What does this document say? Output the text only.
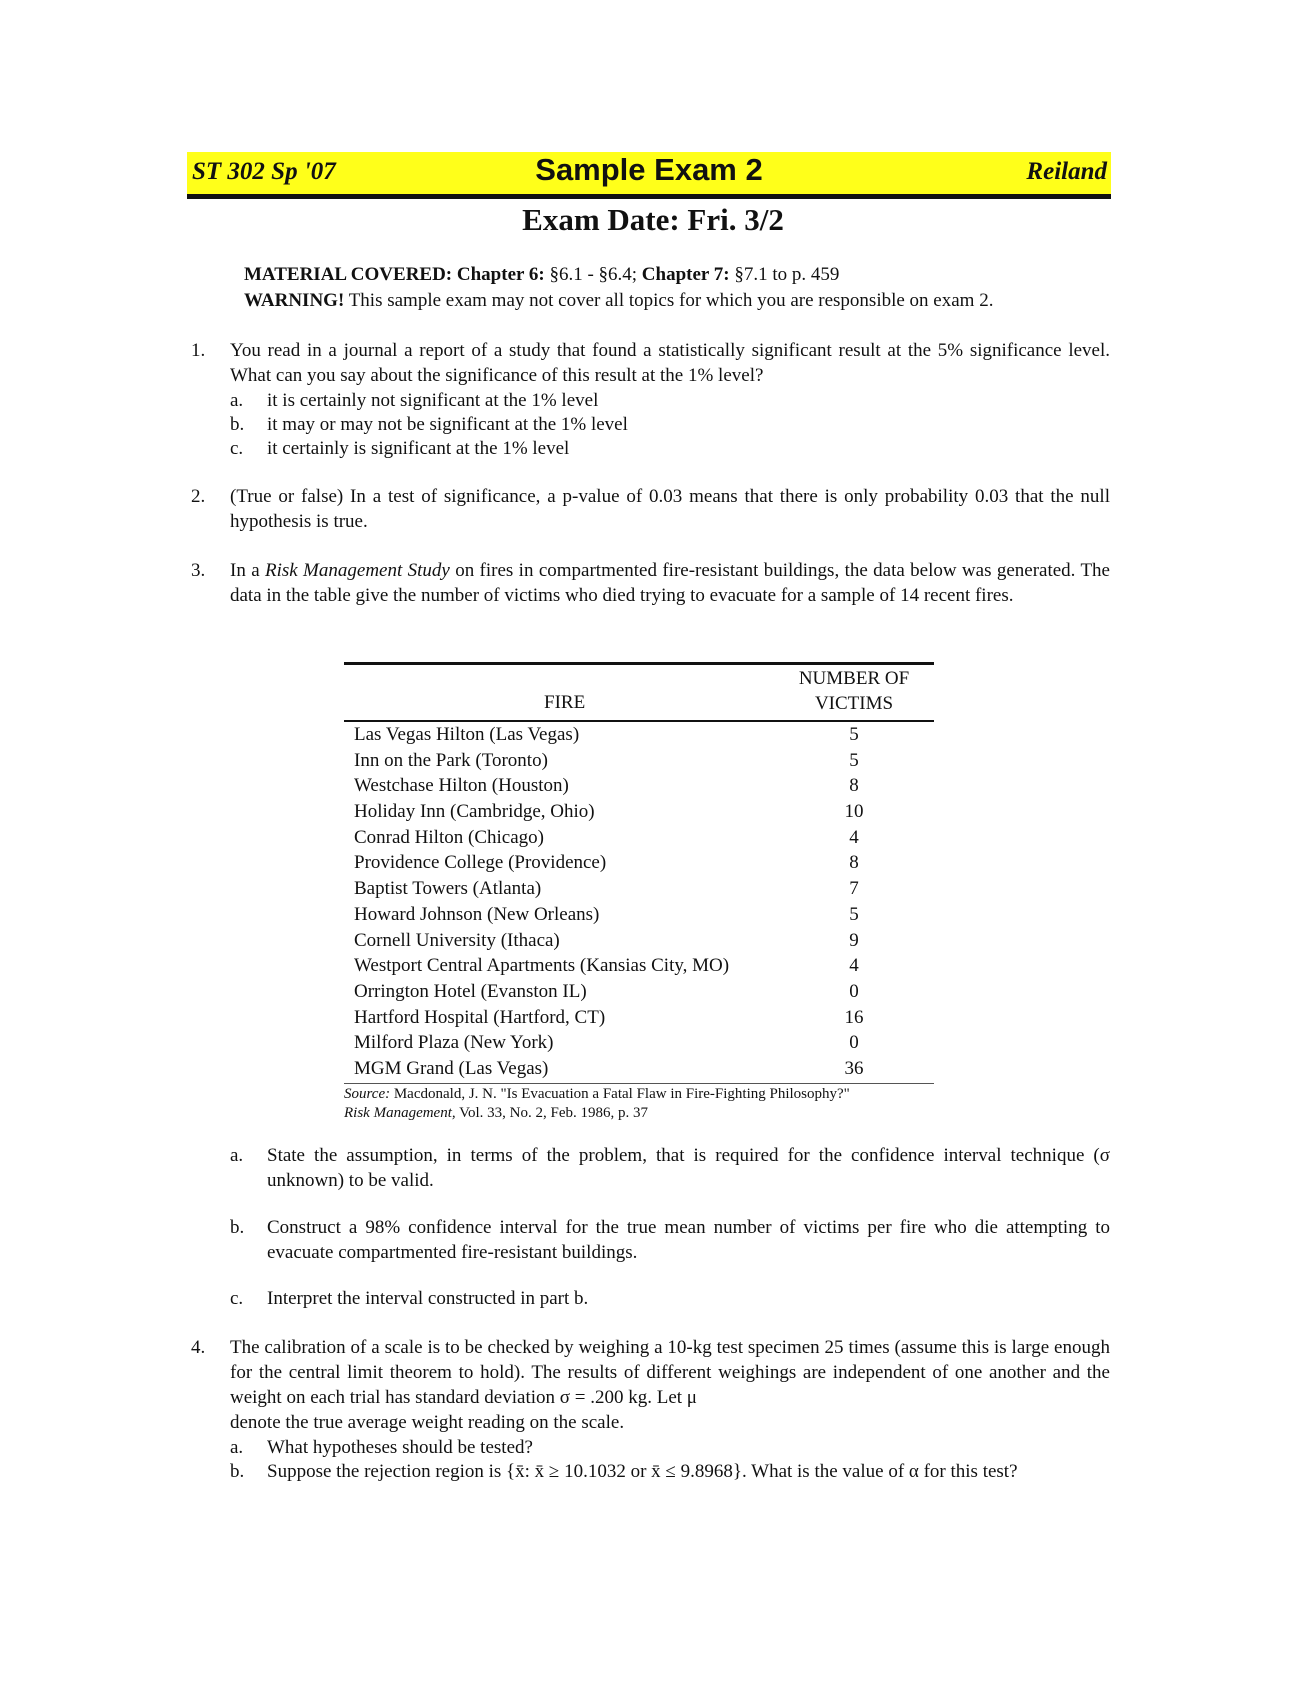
ST 302 Sp '07	Sample Exam 2	Reiland
Exam Date: Fri. 3/2
MATERIAL COVERED: Chapter 6: §6.1 - §6.4; Chapter 7: §7.1 to p. 459
WARNING! This sample exam may not cover all topics for which you are responsible on exam 2.
1. You read in a journal a report of a study that found a statistically significant result at the 5% significance level. What can you say about the significance of this result at the 1% level?
a. it is certainly not significant at the 1% level
b. it may or may not be significant at the 1% level
c. it certainly is significant at the 1% level
2. (True or false) In a test of significance, a p-value of 0.03 means that there is only probability 0.03 that the null hypothesis is true.
3. In a Risk Management Study on fires in compartmented fire-resistant buildings, the data below was generated. The data in the table give the number of victims who died trying to evacuate for a sample of 14 recent fires.
FIRE
NUMBER OF
VICTIMS
Las Vegas Hilton (Las Vegas)	5
Inn on the Park (Toronto)	5
Westchase Hilton (Houston)	8
Holiday Inn (Cambridge, Ohio)	10
Conrad Hilton (Chicago)	4
Providence College (Providence)	8
Baptist Towers (Atlanta)	7
Howard Johnson (New Orleans)	5
Cornell University (Ithaca)	9
Westport Central Apartments (Kansias City, MO)	4
Orrington Hotel (Evanston IL)	0
Hartford Hospital (Hartford, CT)	16
Milford Plaza (New York)	0
MGM Grand (Las Vegas)	36
Source: Macdonald, J. N. "Is Evacuation a Fatal Flaw in Fire-Fighting Philosophy?"
Risk Management, Vol. 33, No. 2, Feb. 1986, p. 37
a. State the assumption, in terms of the problem, that is required for the confidence interval technique (σ unknown) to be valid.
b. Construct a 98% confidence interval for the true mean number of victims per fire who die attempting to evacuate compartmented fire-resistant buildings.
c. Interpret the interval constructed in part b.
4. The calibration of a scale is to be checked by weighing a 10-kg test specimen 25 times (assume this is large enough for the central limit theorem to hold). The results of different weighings are independent of one another and the weight on each trial has standard deviation σ = .200 kg. Let μ
denote the true average weight reading on the scale.
a. What hypotheses should be tested?
b. Suppose the rejection region is {x̄: x̄ ≥ 10.1032 or x̄ ≤ 9.8968}. What is the value of α for this test?
